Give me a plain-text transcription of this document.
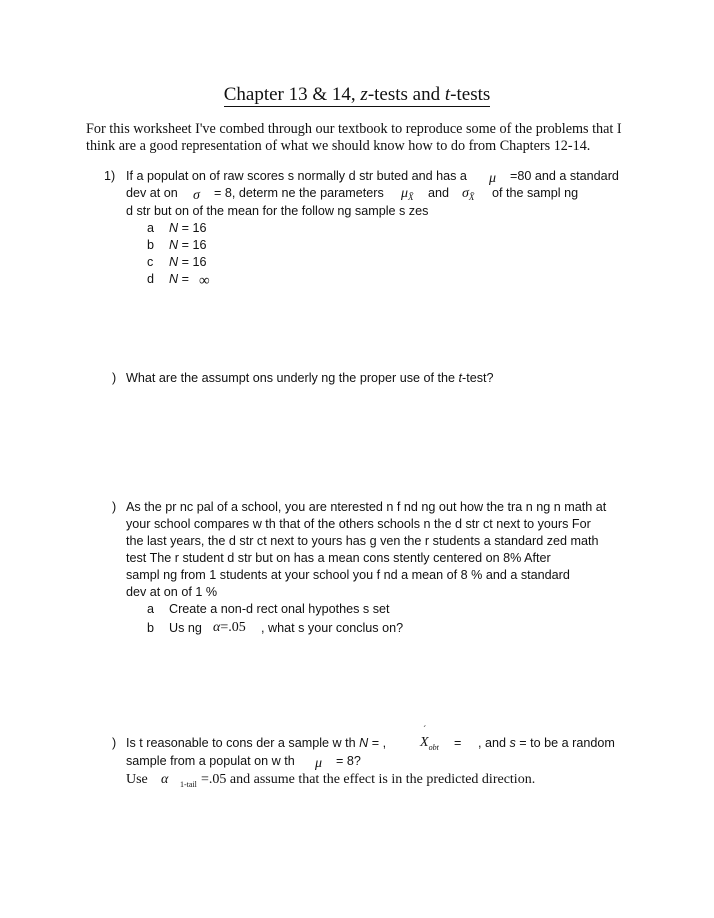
Chapter 13 & 14, z-tests and t-tests
For this worksheet I've combed through our textbook to reproduce some of the problems that I think are a good representation of what we should know how to do from Chapters 12-14.
1) If a populat on of raw scores s normally d str buted and has a μ =80 and a standard
dev at on σ = 8, determ ne the parameters $\mu_{X̄}$ and $\sigma_{X̄}$ of the sampl ng
d str but on of the mean for the follow ng sample s zes
a N = 16
b N = 16
c N = 16
d N = ∞
) What are the assumpt ons underly ng the proper use of the t-test?
) As the pr nc pal of a school, you are nterested n f nd ng out how the tra n ng n math at
your school compares w th that of the others schools n the d str ct next to yours For
the last years, the d str ct next to yours has g ven the r students a standard zed math
test The r student d str but on has a mean cons stently centered on 8% After
sampl ng from 1 students at your school you f nd a mean of 8 % and a standard
dev at on of 1 %
a Create a non-d rect onal hypothes s set
b Us ng α=.05 , what s your conclus on?
) Is t reasonable to cons der a sample w th N = ,
´
$X_{obt}$ = , and s = to be a random
sample from a populat on w th μ = 8?
Use α 1-tail =.05 and assume that the effect is in the predicted direction.
